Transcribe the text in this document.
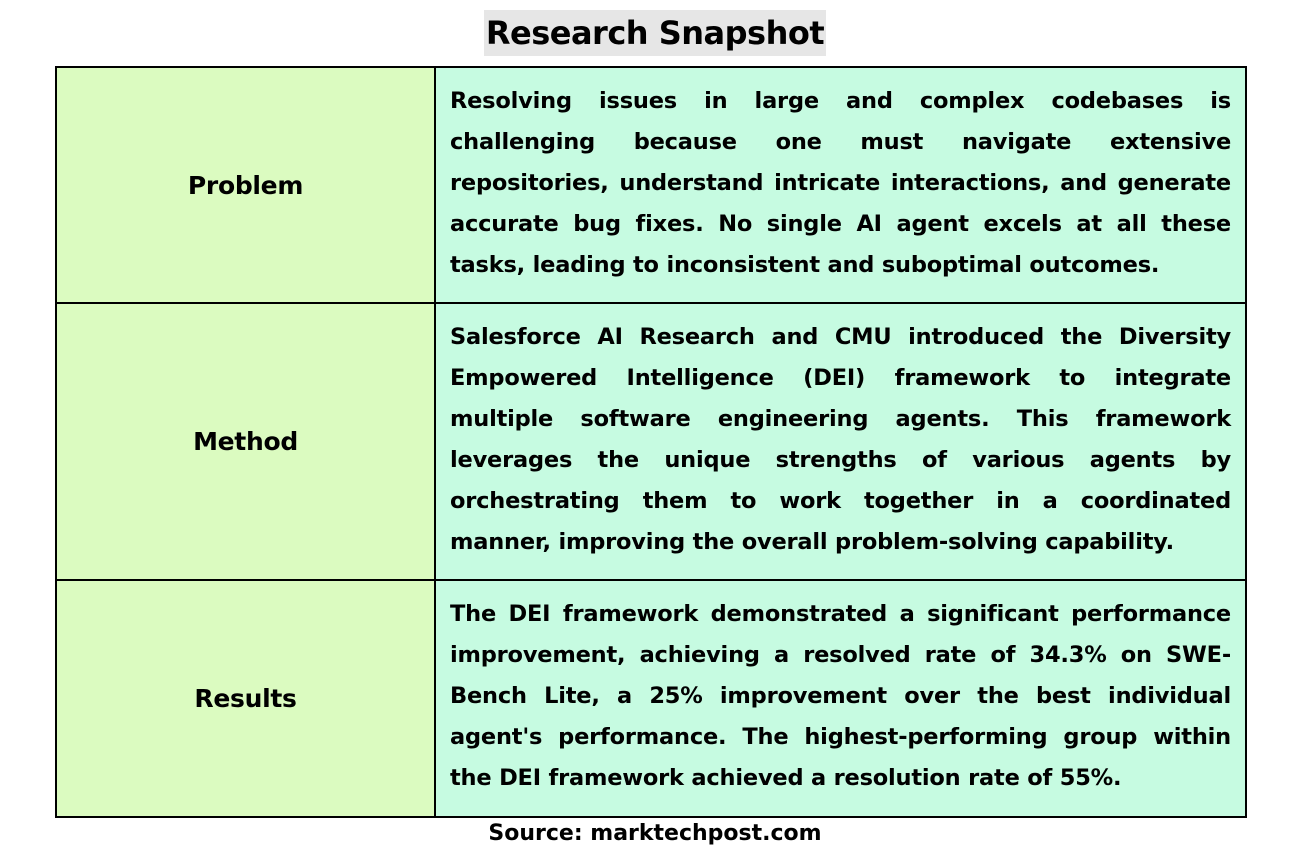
Research Snapshot
Problem	Resolving issues in large and complex codebases is challenging because one must navigate extensive repositories, understand intricate interactions, and generate accurate bug fixes. No single AI agent excels at all these tasks, leading to inconsistent and suboptimal outcomes.
Method	Salesforce AI Research and CMU introduced the Diversity Empowered Intelligence (DEI) framework to integrate multiple software engineering agents. This framework leverages the unique strengths of various agents by orchestrating them to work together in a coordinated manner, improving the overall problem-solving capability.
Results	The DEI framework demonstrated a significant performance improvement, achieving a resolved rate of 34.3% on SWE-Bench Lite, a 25% improvement over the best individual agent's performance. The highest-performing group within the DEI framework achieved a resolution rate of 55%.
Source: marktechpost.com
